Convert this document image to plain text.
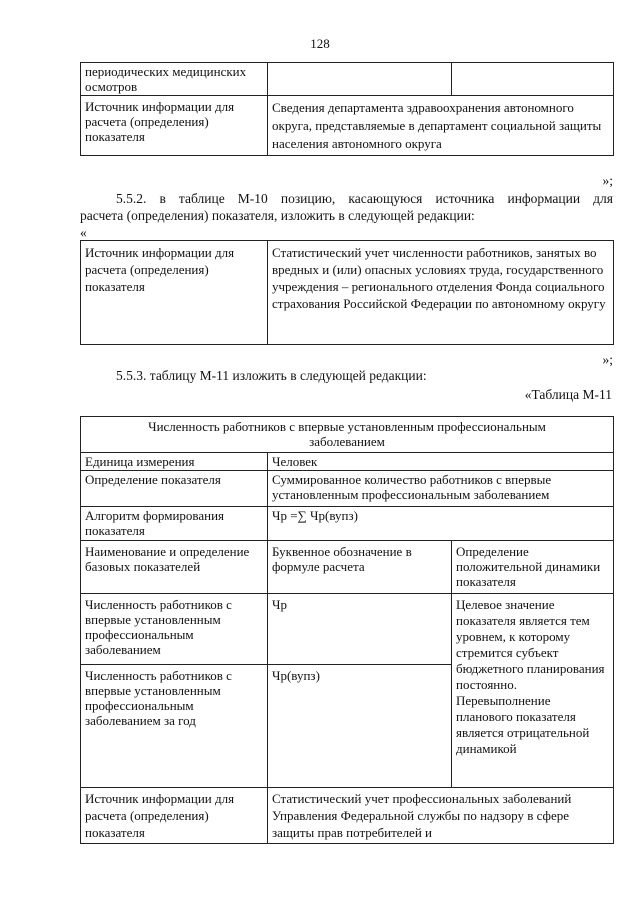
128
периодических медицинских осмотров		
Источник информации для расчета (определения) показателя	Сведения департамента здравоохранения автономного округа, представляемые в департамент социальной защиты населения автономного округа	
»;
5.5.2. в таблице М-10 позицию, касающуюся источника информации для
расчета (определения) показателя, изложить в следующей редакции:
«
Источник информации для расчета (определения) показателя	Статистический учет численности работников, занятых во вредных и (или) опасных условиях труда, государственного учреждения – регионального отделения Фонда социального страхования Российской Федерации по автономному округу
»;
5.5.3. таблицу М-11 изложить в следующей редакции:
«Таблица М-11
Численность работников с впервые установленным профессиональным заболеванием		
Единица измерения	Человек	
Определение показателя	Суммированное количество работников с впервые установленным профессиональным заболеванием	
Алгоритм формирования показателя	Чр =∑ Чр(вупз)	
Наименование и определение базовых показателей	Буквенное обозначение в формуле расчета	Определение положительной динамики показателя
Численность работников с впервые установленным профессиональным заболеванием	Чр	Целевое значение показателя является тем уровнем, к которому стремится субъект бюджетного планирования постоянно. Перевыполнение планового показателя является отрицательной динамикой
Численность работников с впервые установленным профессиональным заболеванием за год	Чр(вупз)	
Источник информации для расчета (определения) показателя	Статистический учет профессиональных заболеваний Управления Федеральной службы по надзору в сфере защиты прав потребителей и	
